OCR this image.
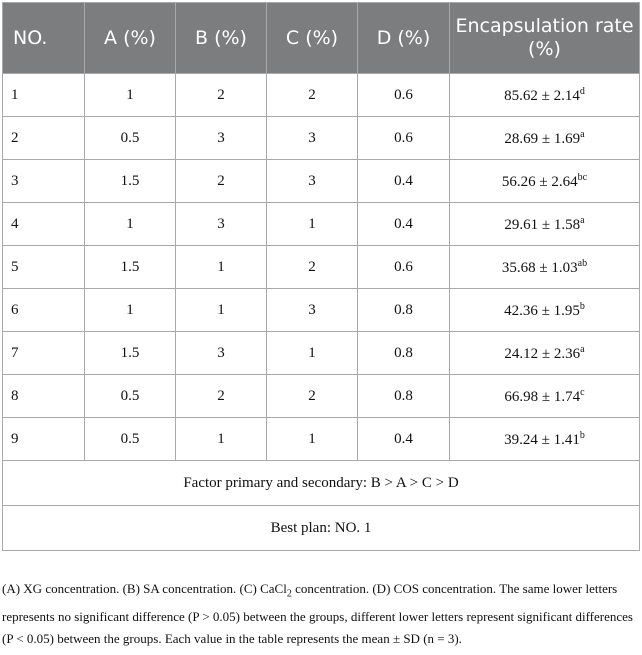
NO.	A (%)	B (%)	C (%)	D (%)	Encapsulation rate (%)
1	1	2	2	0.6	85.62 ± 2.14$^d$
2	0.5	3	3	0.6	28.69 ± 1.69$^a$
3	1.5	2	3	0.4	56.26 ± 2.64$^{bc}$
4	1	3	1	0.4	29.61 ± 1.58$^a$
5	1.5	1	2	0.6	35.68 ± 1.03$^{ab}$
6	1	1	3	0.8	42.36 ± 1.95$^b$
7	1.5	3	1	0.8	24.12 ± 2.36$^a$
8	0.5	2	2	0.8	66.98 ± 1.74$^c$
9	0.5	1	1	0.4	39.24 ± 1.41$^b$
Factor primary and secondary: B > A > C > D					
Best plan: NO. 1					
(A) XG concentration. (B) SA concentration. (C) CaCl$_2$ concentration. (D) COS concentration. The same lower letters represents no significant difference (P > 0.05) between the groups, different lower letters represent significant differences (P < 0.05) between the groups. Each value in the table represents the mean ± SD (n = 3).
